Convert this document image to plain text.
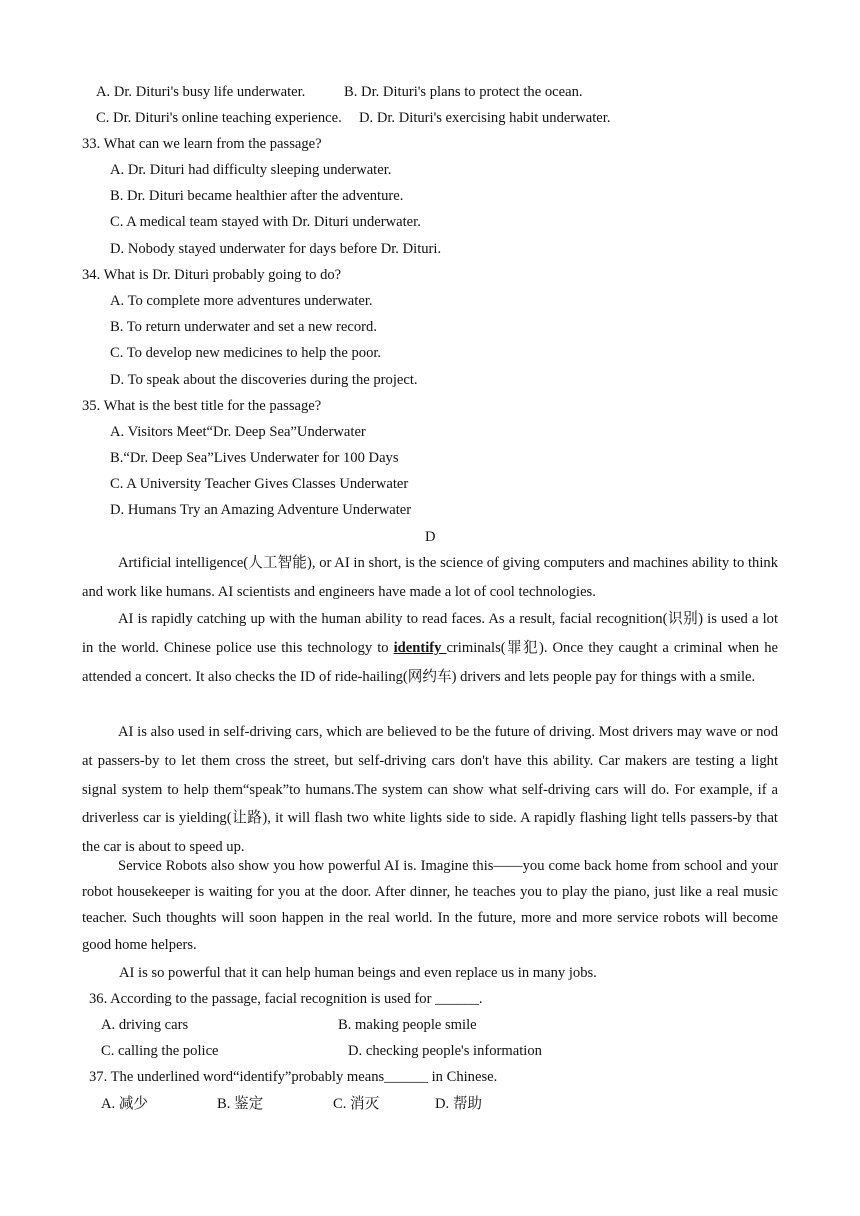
A. Dr. Dituri's busy life underwater.	B. Dr. Dituri's plans to protect the ocean.
C. Dr. Dituri's online teaching experience. D. Dr. Dituri's exercising habit underwater.
33. What can we learn from the passage?
A. Dr. Dituri had difficulty sleeping underwater.
B. Dr. Dituri became healthier after the adventure.
C. A medical team stayed with Dr. Dituri underwater.
D. Nobody stayed underwater for days before Dr. Dituri.
34. What is Dr. Dituri probably going to do?
A. To complete more adventures underwater.
B. To return underwater and set a new record.
C. To develop new medicines to help the poor.
D. To speak about the discoveries during the project.
35. What is the best title for the passage?
A. Visitors Meet“Dr. Deep Sea”Underwater
B.“Dr. Deep Sea”Lives Underwater for 100 Days
C. A University Teacher Gives Classes Underwater
D. Humans Try an Amazing Adventure Underwater
D
Artificial intelligence(人工智能), or AI in short, is the science of giving computers and machines ability to think and work like humans. AI scientists and engineers have made a lot of cool technologies.
AI is rapidly catching up with the human ability to read faces. As a result, facial recognition(识别) is used a lot in the world. Chinese police use this technology to identify criminals(罪犯). Once they caught a criminal when he attended a concert. It also checks the ID of ride-hailing(网约车) drivers and lets people pay for things with a smile.
AI is also used in self-driving cars, which are believed to be the future of driving. Most drivers may wave or nod at passers-by to let them cross the street, but self-driving cars don't have this ability. Car makers are testing a light signal system to help them“speak”to humans.The system can show what self-driving cars will do. For example, if a driverless car is yielding(让路), it will flash two white lights side to side. A rapidly flashing light tells passers-by that the car is about to speed up.
Service Robots also show you how powerful AI is. Imagine this——you come back home from school and your robot housekeeper is waiting for you at the door. After dinner, he teaches you to play the piano, just like a real music teacher. Such thoughts will soon happen in the real world. In the future, more and more service robots will become good home helpers.
AI is so powerful that it can help human beings and even replace us in many jobs.
36. According to the passage, facial recognition is used for ______.
A. driving cars	B. making people smile
C. calling the police	D. checking people's information
37. The underlined word“identify”probably means______ in Chinese.
A. 减少	B. 鉴定	C. 消灭	D. 帮助
